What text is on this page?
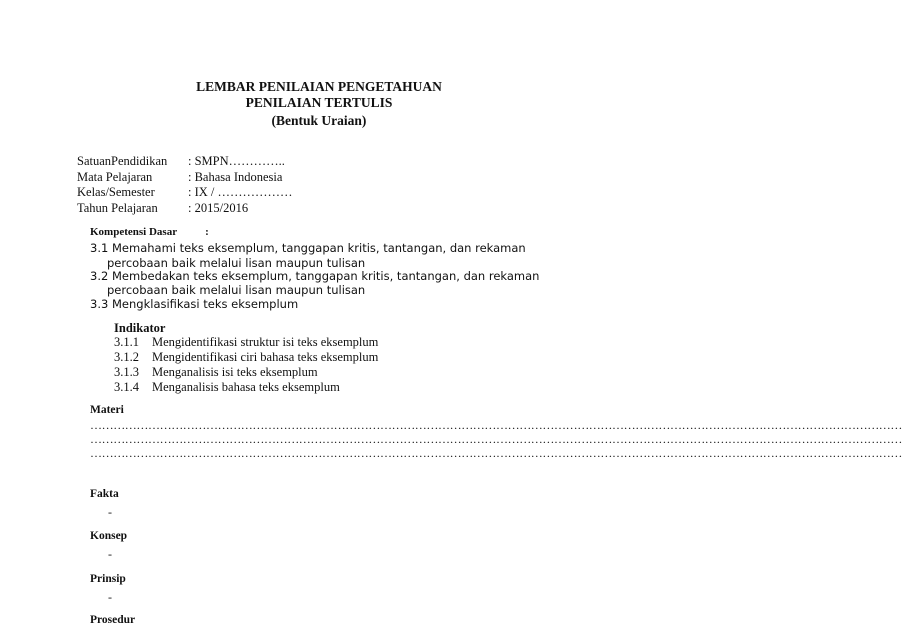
LEMBAR PENILAIAN PENGETAHUAN
PENILAIAN TERTULIS
(Bentuk Uraian)
SatuanPendidikan : SMPN…………..
Mata Pelajaran	: Bahasa Indonesia
Kelas/Semester	: IX / ………………
Tahun Pelajaran : 2015/2016
Kompetensi Dasar	:
3.1 Memahami teks eksemplum, tanggapan kritis, tantangan, dan rekaman
percobaan baik melalui lisan maupun tulisan
3.2 Membedakan teks eksemplum, tanggapan kritis, tantangan, dan rekaman
percobaan baik melalui lisan maupun tulisan
3.3 Mengklasifikasi teks eksemplum
Indikator
3.1.1 Mengidentifikasi struktur isi teks eksemplum
3.1.2 Mengidentifikasi ciri bahasa teks eksemplum
3.1.3 Menganalisis isi teks eksemplum
3.1.4 Menganalisis bahasa teks eksemplum
Materi
…………………………………………………………………………………………………………………………………………………………………………………………
…………………………………………………………………………………………………………………………………………………………………………………………
…………………………………………………………………………………………………………………………………………………………………………………………
Fakta
-
Konsep
-
Prinsip
-
Prosedur
